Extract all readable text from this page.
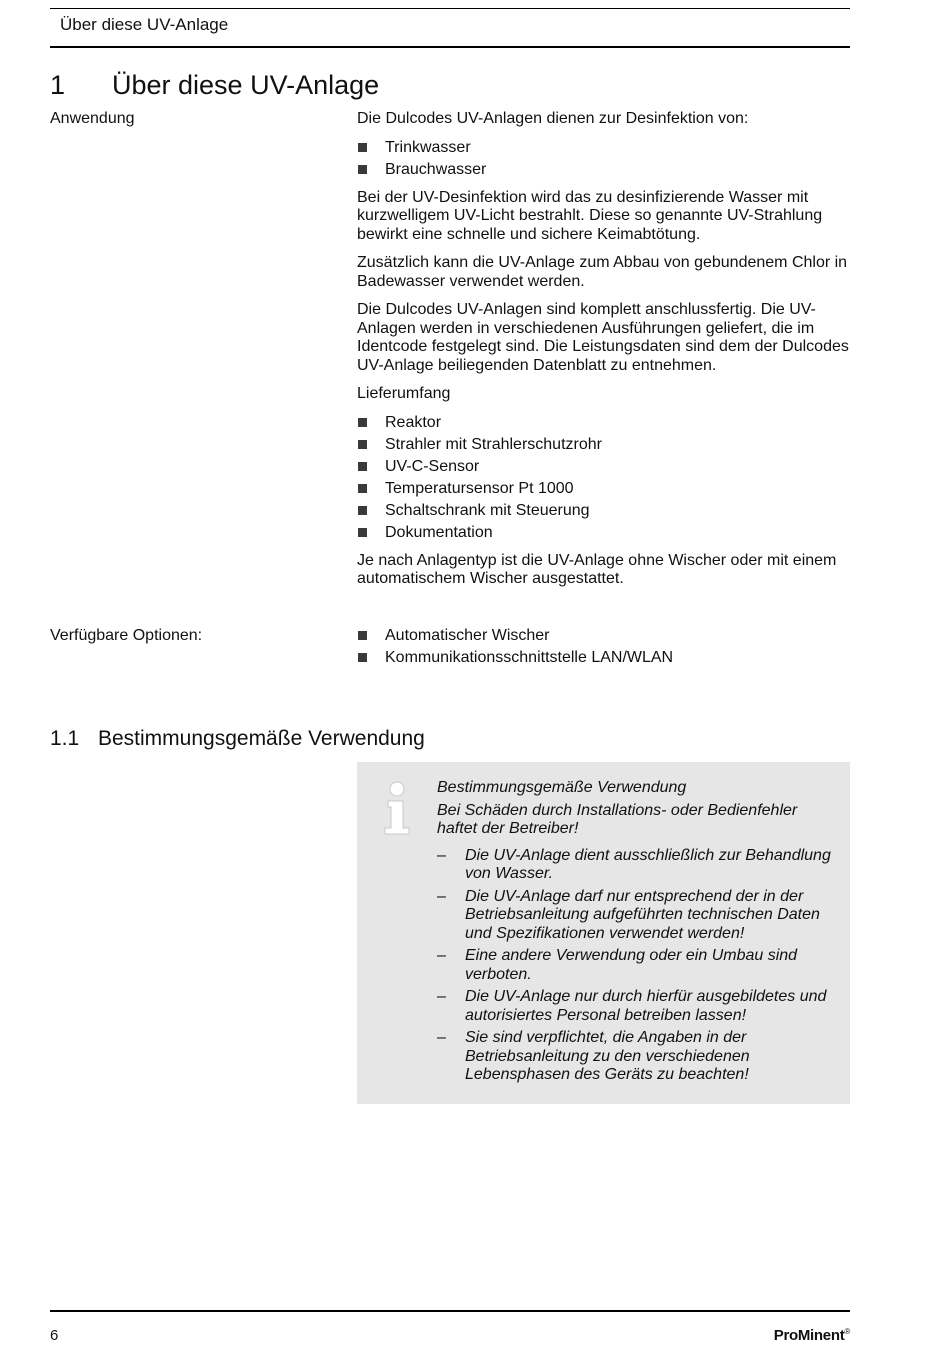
Über diese UV-Anlage
1 Über diese UV-Anlage
Anwendung	Die Dulcodes UV-Anlagen dienen zur Desinfektion von:

Trinkwasser
Brauchwasser

Bei der UV-Desinfektion wird das zu desinfizierende Wasser mit kurzwelligem UV-Licht bestrahlt. Diese so genannte UV-Strahlung bewirkt eine schnelle und sichere Keimabtötung.

Zusätzlich kann die UV-Anlage zum Abbau von gebundenem Chlor in Badewasser verwendet werden.

Die Dulcodes UV-Anlagen sind komplett anschlussfertig. Die UV-Anlagen werden in verschiedenen Ausführungen geliefert, die im Identcode festgelegt sind. Die Leistungsdaten sind dem der Dulcodes UV-Anlage beiliegenden Datenblatt zu entnehmen.

Lieferumfang

Reaktor
Strahler mit Strahlerschutzrohr
UV-C-Sensor
Temperatursensor Pt 1000
Schaltschrank mit Steuerung
Dokumentation

Je nach Anlagentyp ist die UV-Anlage ohne Wischer oder mit einem automatischem Wischer ausgestattet.

Verfügbare Optionen:	Automatischer Wischer
Kommunikationsschnittstelle LAN/WLAN
1.1 Bestimmungsgemäße Verwendung

Bestimmungsgemäße Verwendung

Bei Schäden durch Installations- oder Bedienfehler haftet der Betreiber!

– Die UV-Anlage dient ausschließlich zur Behandlung von Wasser.
– Die UV-Anlage darf nur entsprechend der in der Betriebsanleitung aufgeführten technischen Daten und Spezifikationen verwendet werden!
– Eine andere Verwendung oder ein Umbau sind verboten.
– Die UV-Anlage nur durch hierfür ausgebildetes und autorisiertes Personal betreiben lassen!
– Sie sind verpflichtet, die Angaben in der Betriebsanleitung zu den verschiedenen Lebensphasen des Geräts zu beachten!
6	ProMinent®
